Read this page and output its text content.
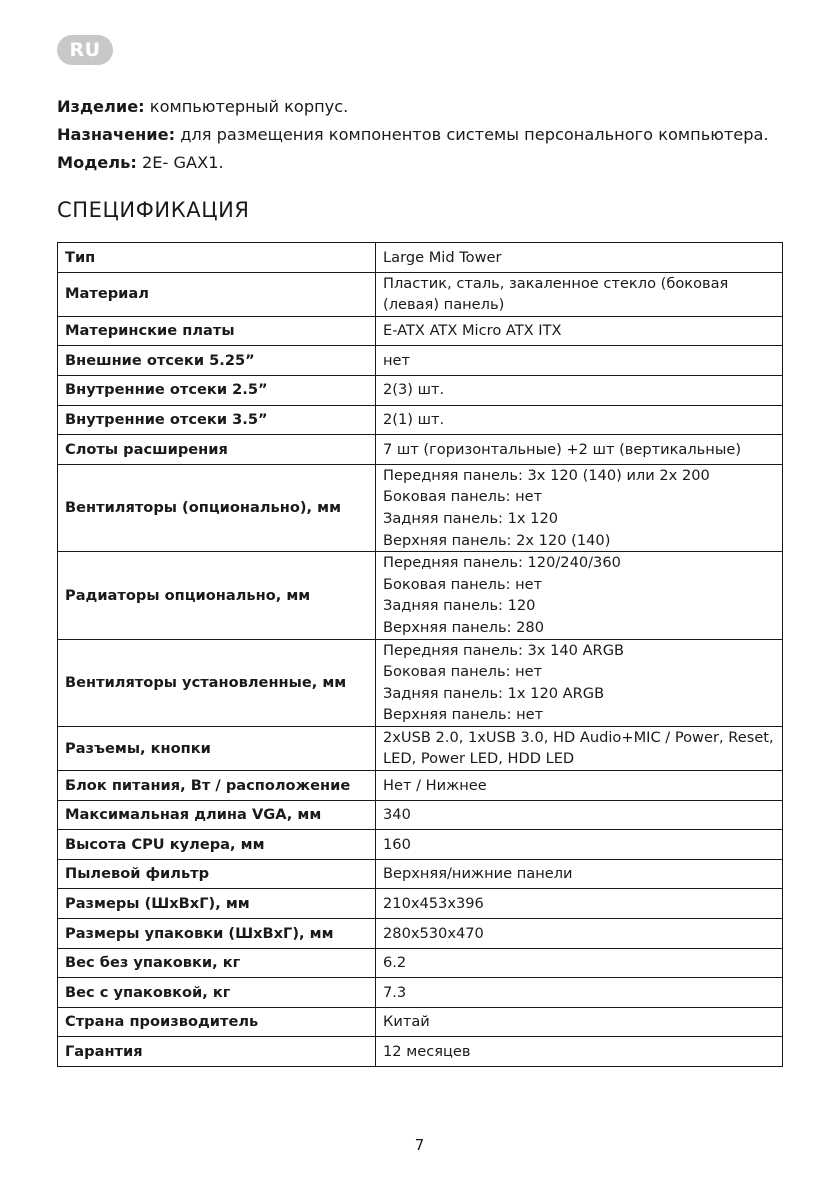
RU
Изделие: компьютерный корпус.
Назначение: для размещения компонентов системы персонального компьютера.
Модель: 2E- GAX1.
СПЕЦИФИКАЦИЯ
Тип	Large Mid Tower

Материал	Пластик, сталь, закаленное стекло (боковая
(левая) панель)

Материнские платы	E-ATX ATX Micro ATX ITX

Внешние отсеки 5.25”	нет

Внутренние отсеки 2.5”	2(3) шт.

Внутренние отсеки 3.5”	2(1) шт.

Слоты расширения	7 шт (горизонтальные) +2 шт (вертикальные)

Вентиляторы (опционально), мм	Передняя панель: 3x 120 (140) или 2x 200
Боковая панель: нет
Задняя панель: 1x 120
Верхняя панель: 2x 120 (140)

Радиаторы опционально, мм	Передняя панель: 120/240/360
Боковая панель: нет
Задняя панель: 120
Верхняя панель: 280

Вентиляторы установленные, мм	Передняя панель: 3x 140 ARGB
Боковая панель: нет
Задняя панель: 1x 120 ARGB
Верхняя панель: нет

Разъемы, кнопки	2xUSB 2.0, 1xUSB 3.0, HD Audio+MIC / Power, Reset,
LED, Power LED, HDD LED

Блок питания, Вт / расположение	Нет / Нижнее

Максимальная длина VGA, мм	340

Высота CPU кулера, мм	160

Пылевой фильтр	Верхняя/нижние панели

Размеры (ШxВxГ), мм	210x453x396

Размеры упаковки (ШxВxГ), мм	280x530x470

Вес без упаковки, кг	6.2

Вес с упаковкой, кг	7.3

Страна производитель	Китай

Гарантия	12 месяцев
7
